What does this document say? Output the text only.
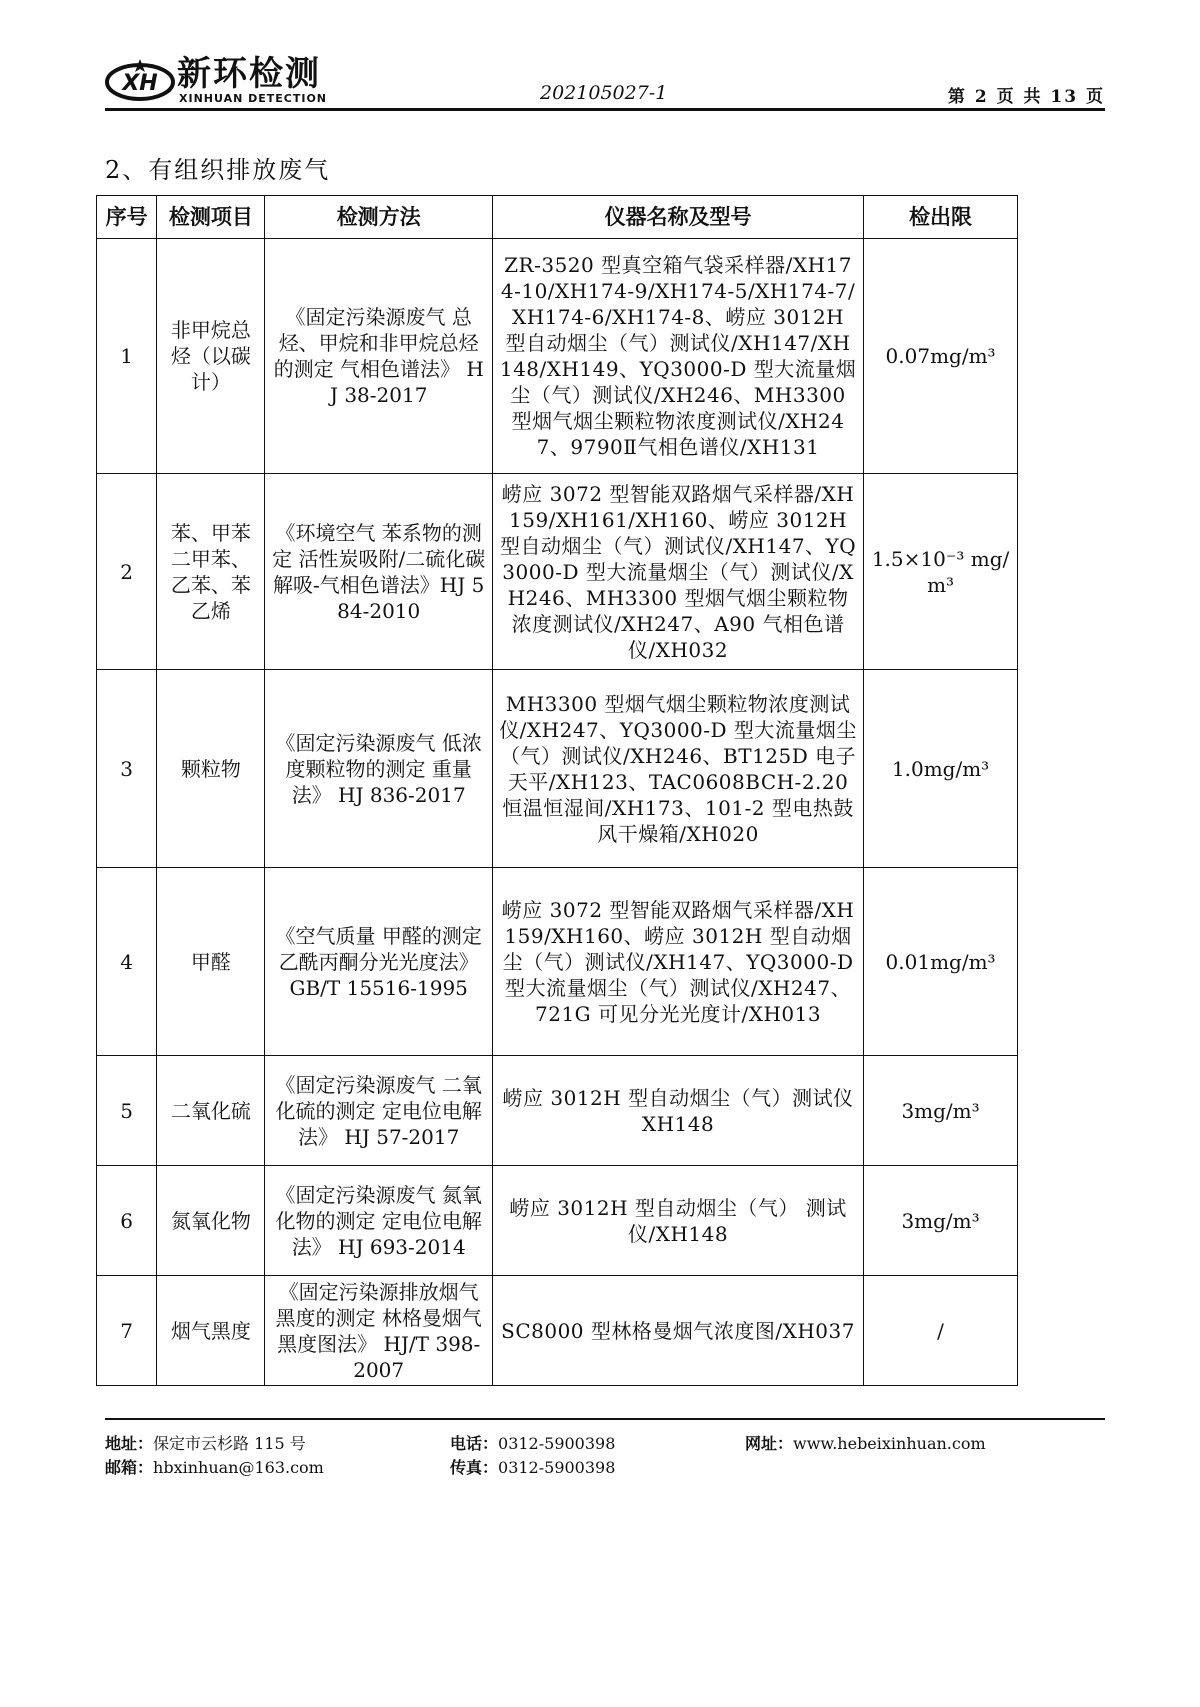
XH 新环检测
XINHUAN DETECTION	202105027-1	第 2 页 共 13 页
2、有组织排放废气
序号	检测项目	检测方法	仪器名称及型号	检出限
1	非甲烷总烃（以碳计）	《固定污染源废气 总烃、甲烷和非甲烷总烃的测定 气相色谱法》 HJ 38-2017	ZR-3520 型真空箱气袋采样器/XH174-10/XH174-9/XH174-5/XH174-7/XH174-6/XH174-8、崂应 3012H 型自动烟尘（气）测试仪/XH147/XH148/XH149、YQ3000-D 型大流量烟尘（气）测试仪/XH246、MH3300 型烟气烟尘颗粒物浓度测试仪/XH247、9790Ⅱ气相色谱仪/XH131	0.07mg/m³
2	苯、甲苯二甲苯、乙苯、苯乙烯	《环境空气 苯系物的测定 活性炭吸附/二硫化碳解吸-气相色谱法》HJ 584-2010	崂应 3072 型智能双路烟气采样器/XH159/XH161/XH160、崂应 3012H 型自动烟尘（气）测试仪/XH147、YQ3000-D 型大流量烟尘（气）测试仪/XH246、MH3300 型烟气烟尘颗粒物浓度测试仪/XH247、A90 气相色谱仪/XH032	1.5×10⁻³ mg/m³
3	颗粒物	《固定污染源废气 低浓度颗粒物的测定 重量法》 HJ 836-2017	MH3300 型烟气烟尘颗粒物浓度测试仪/XH247、YQ3000-D 型大流量烟尘（气）测试仪/XH246、BT125D 电子天平/XH123、TAC0608BCH-2.20 恒温恒湿间/XH173、101-2 型电热鼓风干燥箱/XH020	1.0mg/m³
4	甲醛	《空气质量 甲醛的测定 乙酰丙酮分光光度法》 GB/T 15516-1995	崂应 3072 型智能双路烟气采样器/XH159/XH160、崂应 3012H 型自动烟尘（气）测试仪/XH147、YQ3000-D 型大流量烟尘（气）测试仪/XH247、721G 可见分光光度计/XH013	0.01mg/m³
5	二氧化硫	《固定污染源废气 二氧化硫的测定 定电位电解法》 HJ 57-2017	崂应 3012H 型自动烟尘（气）测试仪 XH148	3mg/m³
6	氮氧化物	《固定污染源废气 氮氧化物的测定 定电位电解法》 HJ 693-2014	崂应 3012H 型自动烟尘（气） 测试仪/XH148	3mg/m³
7	烟气黑度	《固定污染源排放烟气黑度的测定 林格曼烟气黑度图法》 HJ/T 398-2007	SC8000 型林格曼烟气浓度图/XH037	/
地址：保定市云杉路 115 号	电话：0312-5900398	网址：www.hebeixinhuan.com
邮箱：hbxinhuan@163.com	传真：0312-5900398
